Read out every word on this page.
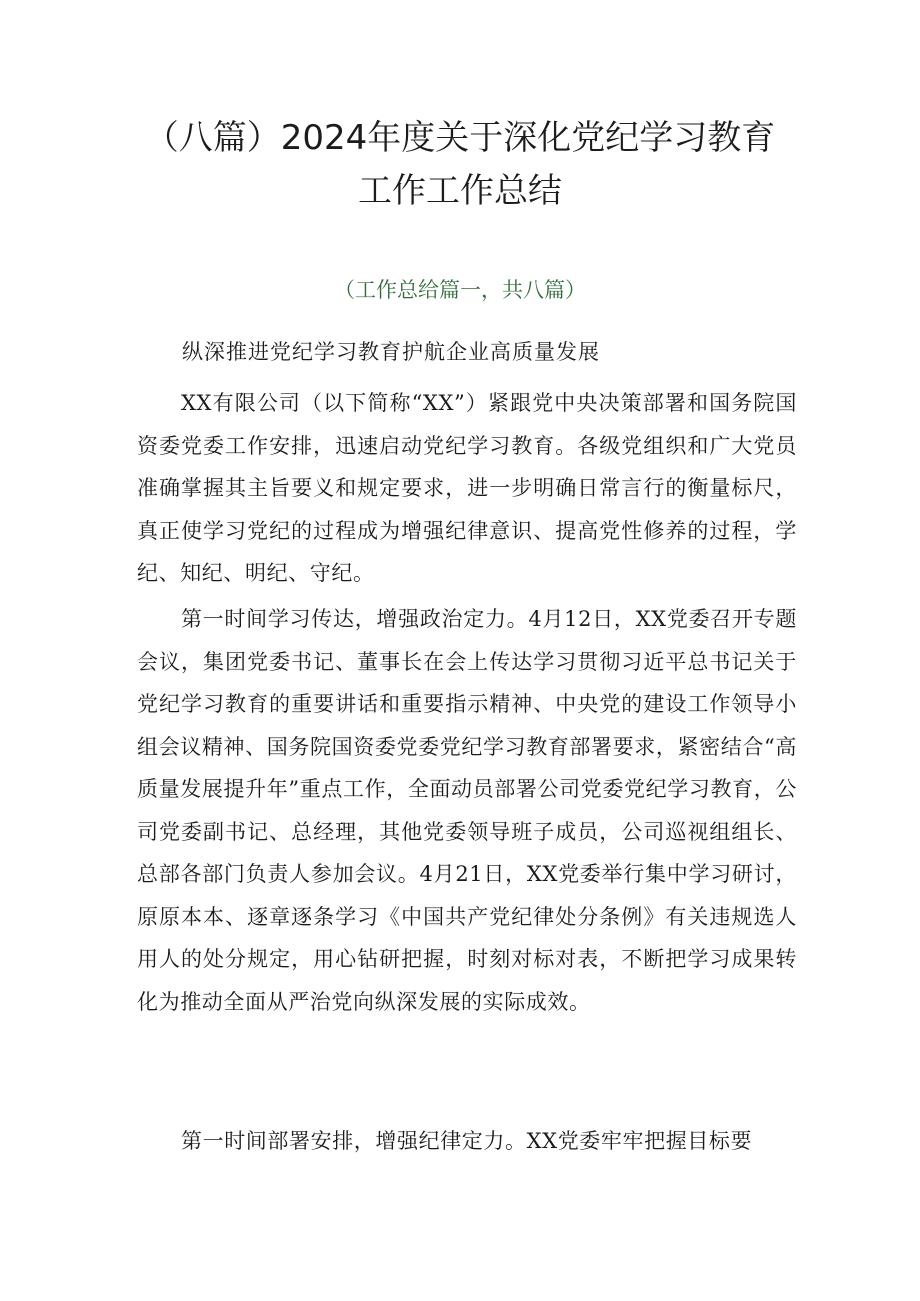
（八篇）2024年度关于深化党纪学习教育
工作工作总结

（工作总给篇一，共八篇）

纵深推进党纪学习教育护航企业高质量发展

XX有限公司（以下简称“XX”）紧跟党中央决策部署和国务院国资委党委工作安排，迅速启动党纪学习教育。各级党组织和广大党员准确掌握其主旨要义和规定要求，进一步明确日常言行的衡量标尺，真正使学习党纪的过程成为增强纪律意识、提高党性修养的过程，学纪、知纪、明纪、守纪。

第一时间学习传达，增强政治定力。4月12日，XX党委召开专题会议，集团党委书记、董事长在会上传达学习贯彻习近平总书记关于党纪学习教育的重要讲话和重要指示精神、中央党的建设工作领导小组会议精神、国务院国资委党委党纪学习教育部署要求，紧密结合“高质量发展提升年”重点工作，全面动员部署公司党委党纪学习教育，公司党委副书记、总经理，其他党委领导班子成员，公司巡视组组长、总部各部门负责人参加会议。4月21日，XX党委举行集中学习研讨，原原本本、逐章逐条学习《中国共产党纪律处分条例》有关违规选人用人的处分规定，用心钻研把握，时刻对标对表，不断把学习成果转化为推动全面从严治党向纵深发展的实际成效。

第一时间部署安排，增强纪律定力。XX党委牢牢把握目标要
